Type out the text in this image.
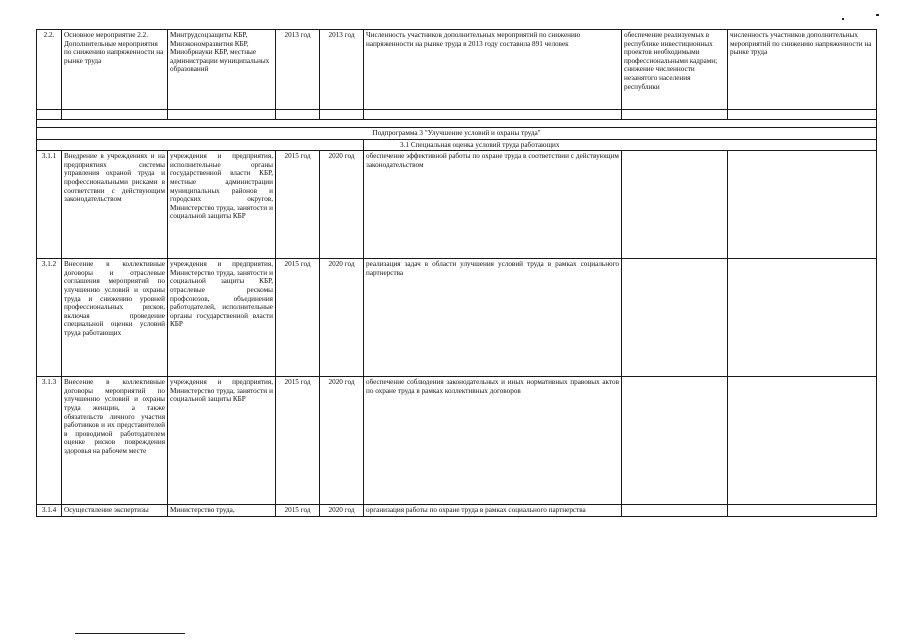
2.2.	Основное мероприятие 2.2. Дополнительные мероприятия по снижению напряженности на рынке труда	Минтрудсоцзащиты КБР, Минэкономразвития КБР, Минобрнауки КБР, местные администрации муниципальных образований	2013 год	2013 год	Численность участников дополнительных мероприятий по снижению напряженности на рынке труда в 2013 году составила 891 человек	обеспечение реализуемых в республике инвестиционных проектов необходимыми профессиональными кадрами; снижение численности незанятого населения республики	численность участников дополнительных мероприятий по снижению напряженности на рынке труда

Подпрограмма 3 "Улучшение условий и охраны труда"							
					3.1 Специальная оценка условий труда работающих		
3.1.1	Внедрение в учреждениях и на предприятиях системы управления охраной труда и профессиональными рисками в соответствии с действующим законодательством	учреждения и предприятия, исполнительные органы государственной власти КБР, местные администрации муниципальных районов и городских округов, Министерство труда, занятости и социальной защиты КБР	2015 год	2020 год	обеспечение эффективной работы по охране труда в соответствии с действующим законодательством		
3.1.2	Внесение в коллективные договоры и отраслевые соглашения мероприятий по улучшению условий и охраны труда и снижению уровней профессиональных рисков, включая проведение специальной оценки условий труда работающих	учреждения и предприятия, Министерство труда, занятости и социальной защиты КБР, отраслевые рескомы профсоюзов, объединения работодателей, исполнительные органы государственной власти КБР	2015 год	2020 год	реализация задач в области улучшения условий труда в рамках социального партнерства		
3.1.3	Внесение в коллективные договоры мероприятий по улучшению условий и охраны труда женщин, а также обязательств личного участия работников и их представителей в проводимой работодателем оценке рисков повреждения здоровья на рабочем месте	учреждения и предприятия, Министерство труда, занятости и социальной защиты КБР	2015 год	2020 год	обеспечение соблюдения законодательных и иных нормативных правовых актов по охране труда в рамках коллективных договоров		
3.1.4	Осуществление экспертизы	Министерство труда,	2015 год	2020 год	организация работы по охране труда в рамках социального партнерства		
